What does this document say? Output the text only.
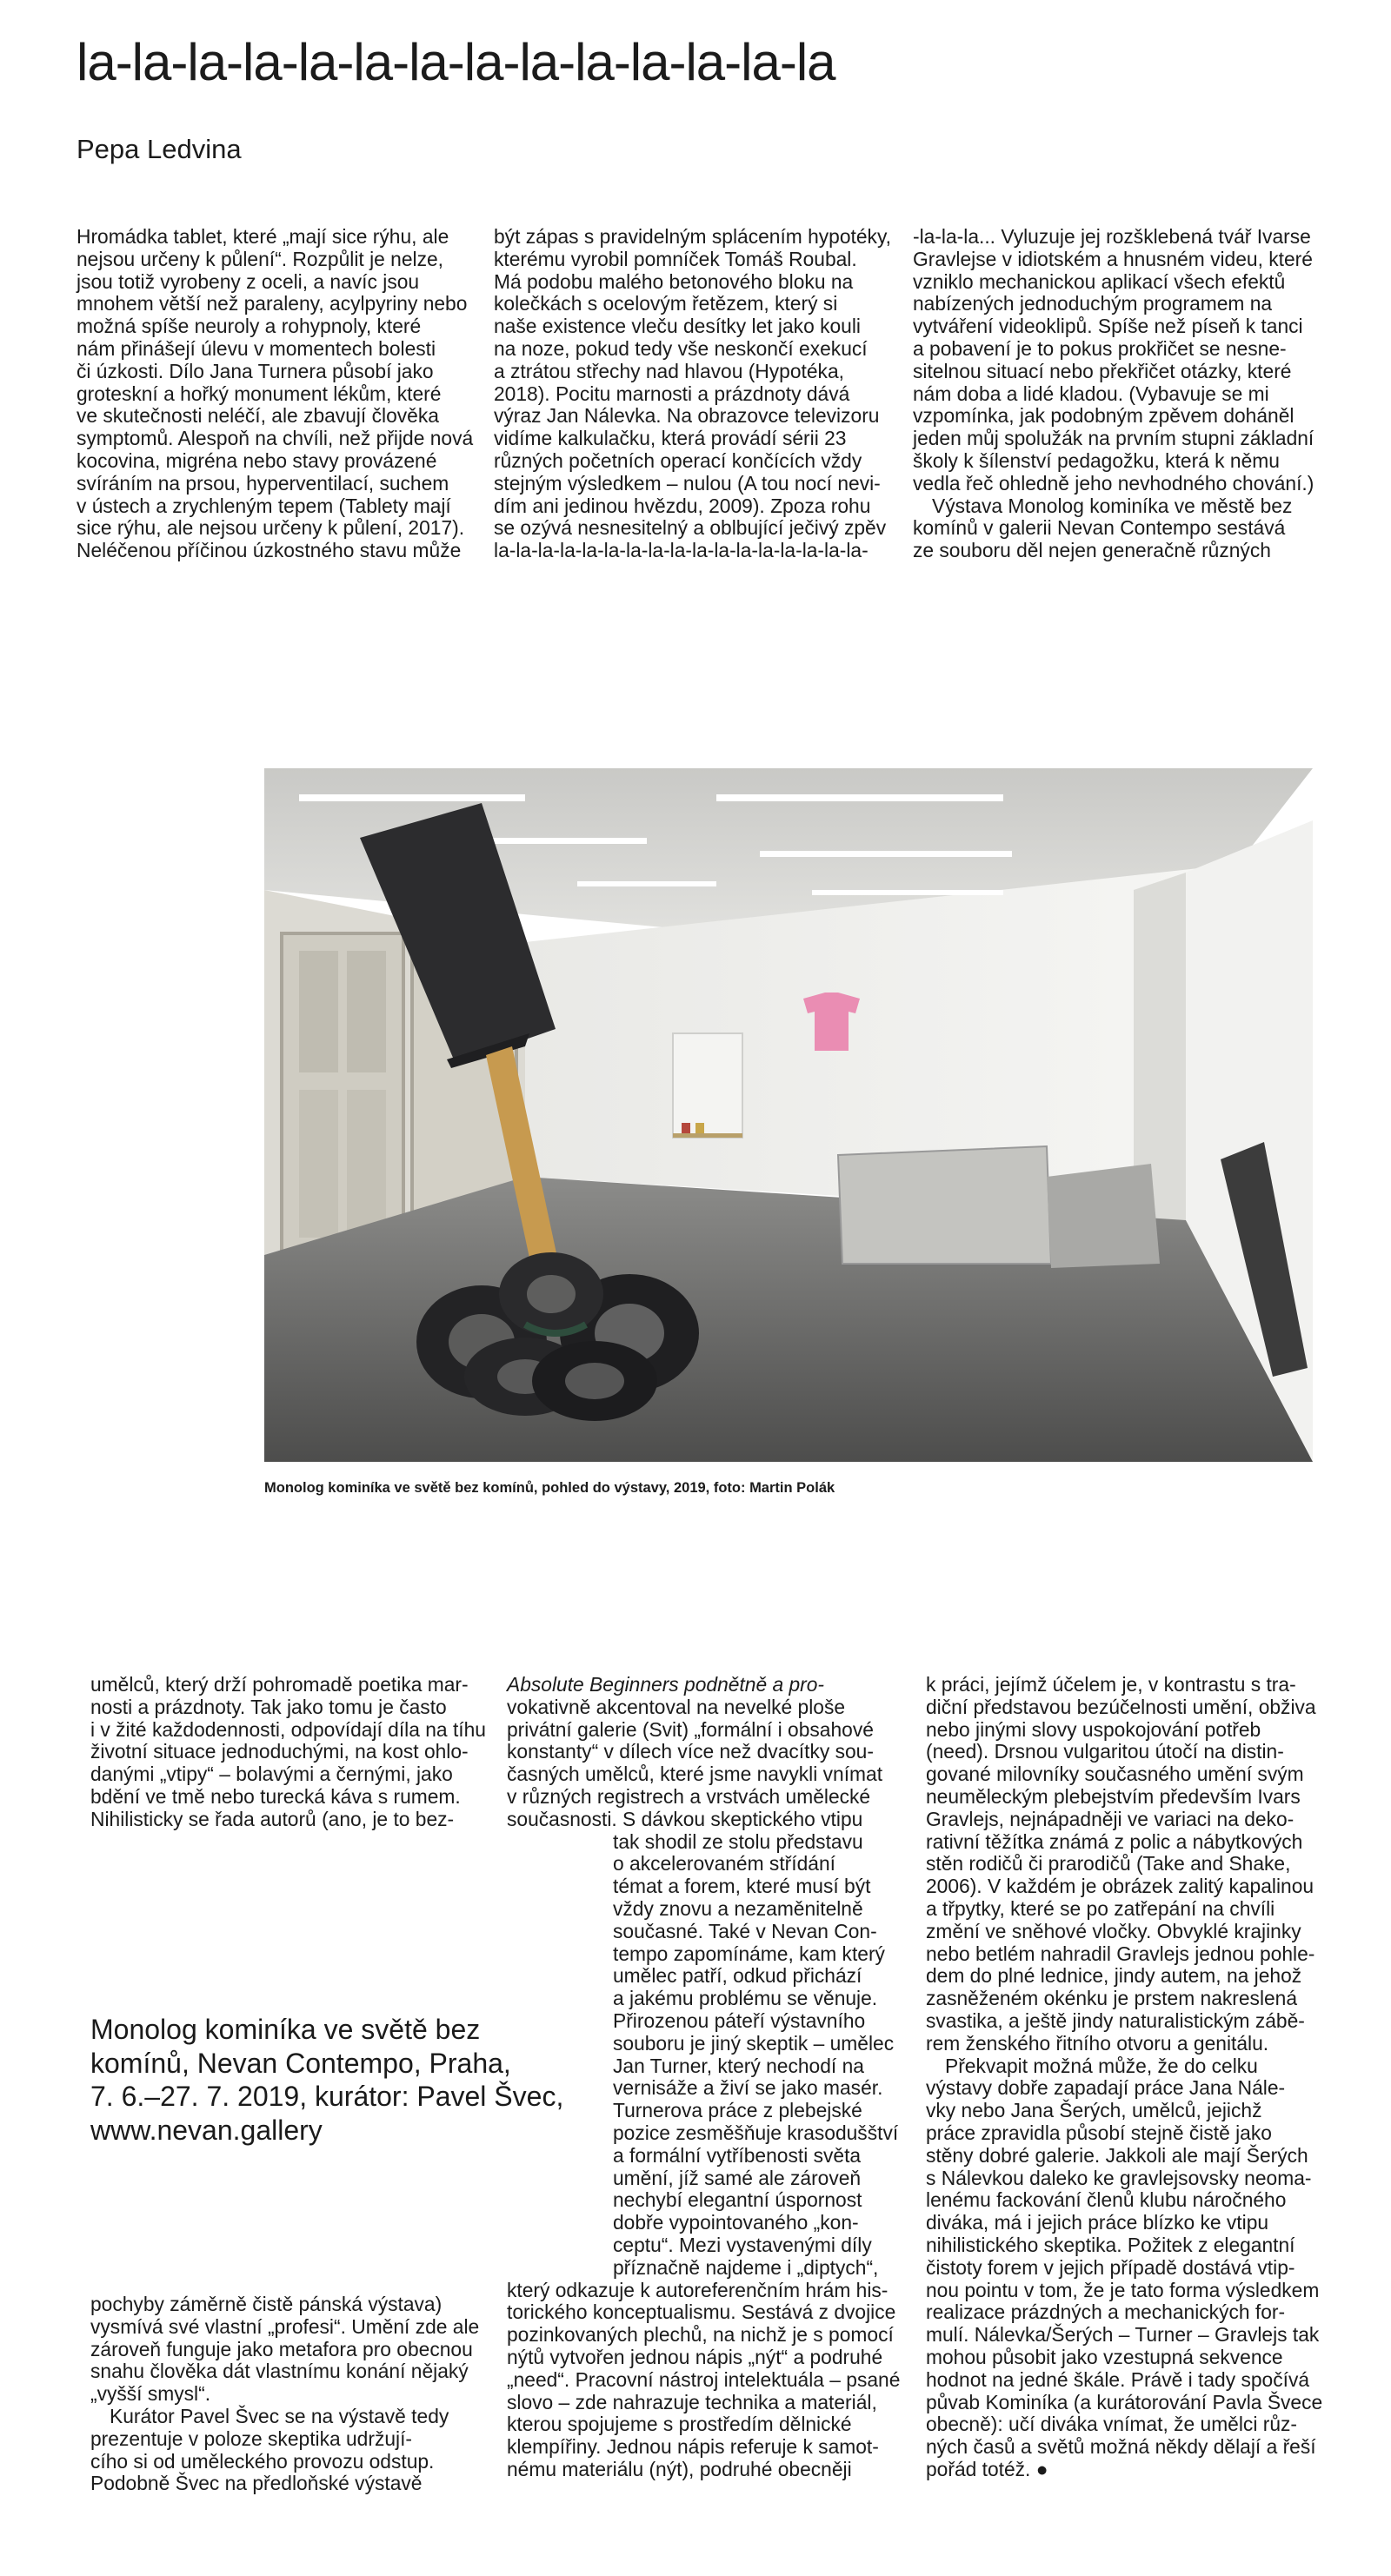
la-la-la-la-la-la-la-la-la-la-la-la-la-la
Pepa Ledvina

Hromádka tablet, které „mají sice rýhu, ale

nejsou určeny k půlení“. Rozpůlit je nelze,

jsou totiž vyrobeny z oceli, a navíc jsou

mnohem větší než paraleny, acylpyriny nebo

možná spíše neuroly a rohypnoly, které

nám přinášejí úlevu v momentech bolesti

či úzkosti. Dílo Jana Turnera působí jako

groteskní a hořký monument lékům, které

ve skutečnosti neléčí, ale zbavují člověka

symptomů. Alespoň na chvíli, než přijde nová

kocovina, migréna nebo stavy provázené

svíráním na prsou, hyperventilací, suchem

v ústech a zrychleným tepem (Tablety mají

sice rýhu, ale nejsou určeny k půlení, 2017).

Neléčenou příčinou úzkostného stavu může

být zápas s pravidelným splácením hypotéky,

kterému vyrobil pomníček Tomáš Roubal.

Má podobu malého betonového bloku na

kolečkách s ocelovým řetězem, který si

naše existence vleču desítky let jako kouli

na noze, pokud tedy vše neskončí exekucí

a ztrátou střechy nad hlavou (Hypotéka,

2018). Pocitu marnosti a prázdnoty dává

výraz Jan Nálevka. Na obrazovce televizoru

vidíme kalkulačku, která provádí sérii 23

různých početních operací končících vždy

stejným výsledkem – nulou (A tou nocí nevi-

dím ani jedinou hvězdu, 2009). Zpoza rohu

se ozývá nesnesitelný a oblbující ječivý zpěv

la-la-la-la-la-la-la-la-la-la-la-la-la-la-la-la-la-

-la-la-la... Vyluzuje jej rozšklebená tvář Ivarse

Gravlejse v idiotském a hnusném videu, které

vzniklo mechanickou aplikací všech efektů

nabízených jednoduchým programem na

vytváření videoklipů. Spíše než píseň k tanci

a pobavení je to pokus prokřičet se nesne-

sitelnou situací nebo překřičet otázky, které

nám doba a lidé kladou. (Vybavuje se mi

vzpomínka, jak podobným zpěvem doháněl

jeden můj spolužák na prvním stupni základní

školy k šílenství pedagožku, která k němu

vedla řeč ohledně jeho nevhodného chování.)

Výstava Monolog kominíka ve městě bez

komínů v galerii Nevan Contempo sestává

ze souboru děl nejen generačně různých

Monolog kominíka ve světě bez komínů, pohled do výstavy, 2019, foto: Martin Polák

umělců, který drží pohromadě poetika mar-

nosti a prázdnoty. Tak jako tomu je často

i v žité každodennosti, odpovídají díla na tíhu

životní situace jednoduchými, na kost ohlo-

danými „vtipy“ – bolavými a černými, jako

bdění ve tmě nebo turecká káva s rumem.

Nihilisticky se řada autorů (ano, je to bez-

Monolog kominíka ve světě bez

komínů, Nevan Contempo, Praha,

7. 6.–27. 7. 2019, kurátor: Pavel Švec,

www.nevan.gallery

pochyby záměrně čistě pánská výstava)

vysmívá své vlastní „profesi“. Umění zde ale

zároveň funguje jako metafora pro obecnou

snahu člověka dát vlastnímu konání nějaký

„vyšší smysl“.

Kurátor Pavel Švec se na výstavě tedy

prezentuje v poloze skeptika udržují-

cího si od uměleckého provozu odstup.

Podobně Švec na předloňské výstavě

Absolute Beginners podnětně a pro-

vokativně akcentoval na nevelké ploše

privátní galerie (Svit) „formální i obsahové

konstanty“ v dílech více než dvacítky sou-

časných umělců, které jsme navykli vnímat

v různých registrech a vrstvách umělecké

současnosti. S dávkou skeptického vtipu

tak shodil ze stolu představu

o akcelerovaném střídání

témat a forem, které musí být

vždy znovu a nezaměnitelně

současné. Také v Nevan Con-

tempo zapomínáme, kam který

umělec patří, odkud přichází

a jakému problému se věnuje.

Přirozenou páteří výstavního

souboru je jiný skeptik – umělec

Jan Turner, který nechodí na

vernisáže a živí se jako masér.

Turnerova práce z plebejské

pozice zesměšňuje krasodušštví

a formální vytříbenosti světa

umění, jíž samé ale zároveň

nechybí elegantní úspornost

dobře vypointovaného „kon-

ceptu“. Mezi vystavenými díly

příznačně najdeme i „diptych“,

který odkazuje k autoreferenčním hrám his-

torického konceptualismu. Sestává z dvojice

pozinkovaných plechů, na nichž je s pomocí

nýtů vytvořen jednou nápis „nýt“ a podruhé

„need“. Pracovní nástroj intelektuála – psané

slovo – zde nahrazuje technika a materiál,

kterou spojujeme s prostředím dělnické

klempířiny. Jednou nápis referuje k samot-

nému materiálu (nýt), podruhé obecněji

k práci, jejímž účelem je, v kontrastu s tra-

diční představou bezúčelnosti umění, obživa

nebo jinými slovy uspokojování potřeb

(need). Drsnou vulgaritou útočí na distin-

gované milovníky současného umění svým

neuměleckým plebejstvím především Ivars

Gravlejs, nejnápadněji ve variaci na deko-

rativní těžítka známá z polic a nábytkových

stěn rodičů či prarodičů (Take and Shake,

2006). V každém je obrázek zalitý kapalinou

a třpytky, které se po zatřepání na chvíli

změní ve sněhové vločky. Obvyklé krajinky

nebo betlém nahradil Gravlejs jednou pohle-

dem do plné lednice, jindy autem, na jehož

zasněženém okénku je prstem nakreslená

svastika, a ještě jindy naturalistickým zábě-

rem ženského řitního otvoru a genitálu.

Překvapit možná může, že do celku

výstavy dobře zapadají práce Jana Nále-

vky nebo Jana Šerých, umělců, jejichž

práce zpravidla působí stejně čistě jako

stěny dobré galerie. Jakkoli ale mají Šerých

s Nálevkou daleko ke gravlejsovsky neoma-

lenému fackování členů klubu náročného

diváka, má i jejich práce blízko ke vtipu

nihilistického skeptika. Požitek z elegantní

čistoty forem v jejich případě dostává vtip-

nou pointu v tom, že je tato forma výsledkem

realizace prázdných a mechanických for-

mulí. Nálevka/Šerých – Turner – Gravlejs tak

mohou působit jako vzestupná sekvence

hodnot na jedné škále. Právě i tady spočívá

půvab Kominíka (a kurátorování Pavla Švece

obecně): učí diváka vnímat, že umělci růz-

ných časů a světů možná někdy dělají a řeší

pořád totéž. ●
